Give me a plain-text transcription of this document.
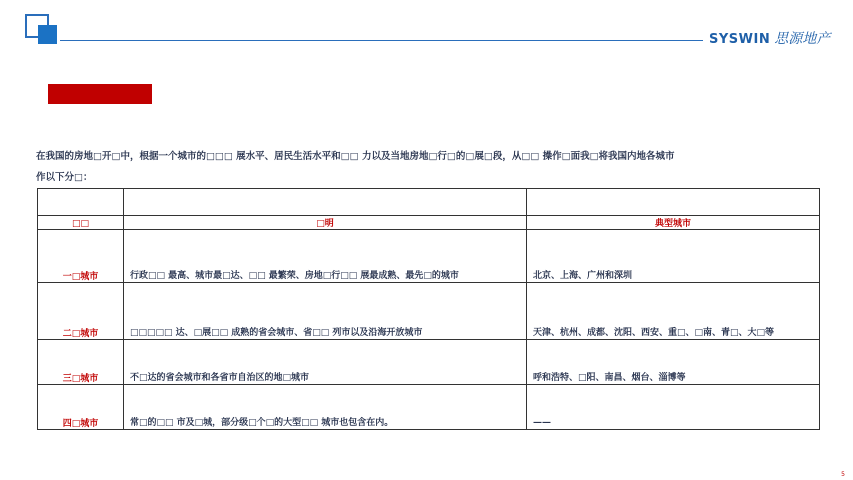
SYSWIN 思源地产
在我国的房地□开□中，根据一个城市的□□□ 展水平、居民生活水平和□□ 力以及当地房地□行□的□展□段，从□□ 操作□面我□将我国内地各城市
作以下分□：

□□	□明	典型城市
一□城市	行政□□ 最高、城市最□达、□□ 最繁荣、房地□行□□ 展最成熟、最先□的城市	北京、上海、广州和深圳

二□城市	□□□□□ 达、□展□□ 成熟的省会城市、省□□ 列市以及沿海开放城市	天津、杭州、成都、沈阳、西安、重□、□南、青□、大□等

三□城市	不□达的省会城市和各省市自治区的地□城市	呼和浩特、□阳、南昌、烟台、淄博等

四□城市	常□的□□ 市及□城，部分级□个□的大型□□ 城市也包含在内。	——
5
